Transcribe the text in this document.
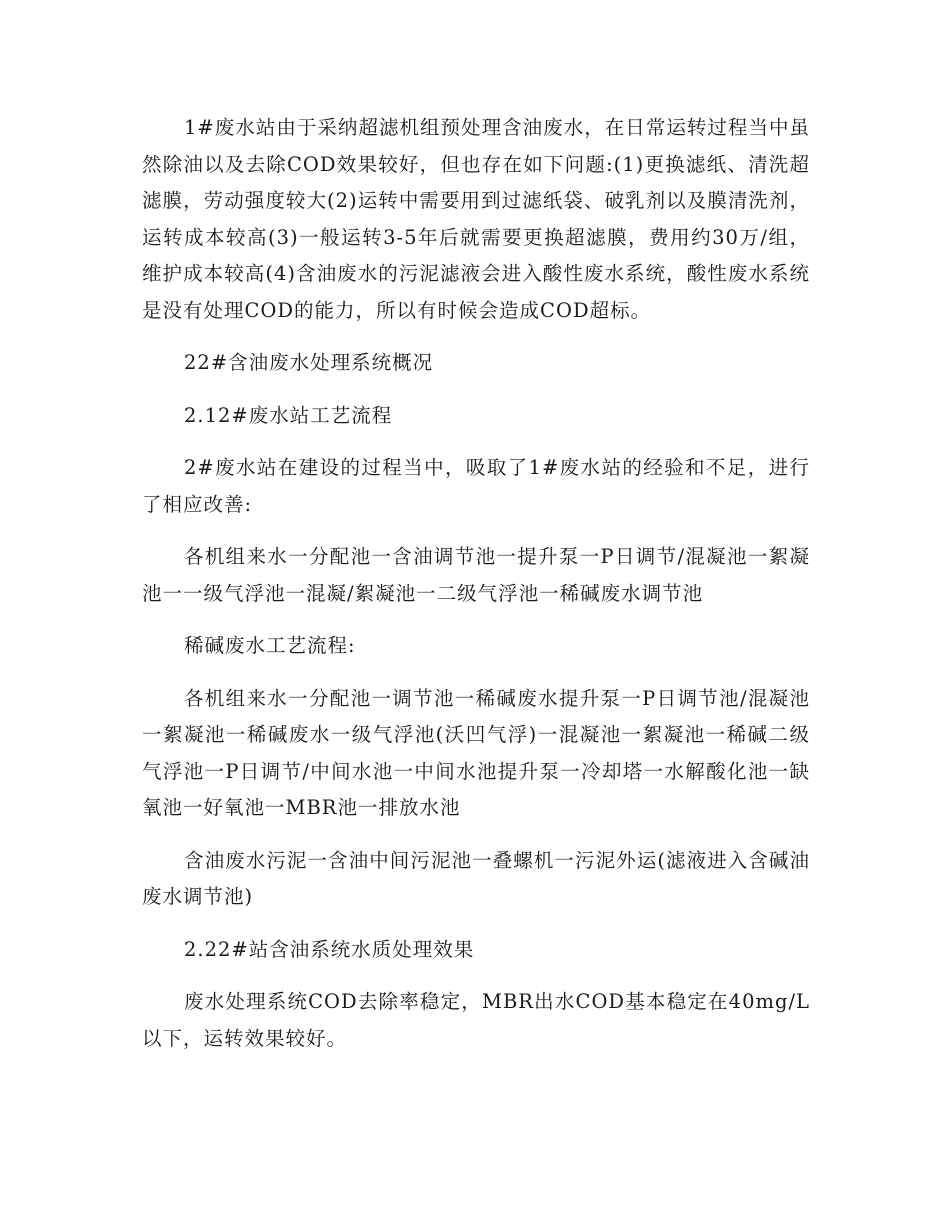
1#废水站由于采纳超滤机组预处理含油废水，在日常运转过程当中虽然除油以及去除COD效果较好，但也存在如下问题:(1)更换滤纸、清洗超滤膜，劳动强度较大(2)运转中需要用到过滤纸袋、破乳剂以及膜清洗剂，运转成本较高(3)一般运转3-5年后就需要更换超滤膜，费用约30万/组，维护成本较高(4)含油废水的污泥滤液会进入酸性废水系统，酸性废水系统是没有处理COD的能力，所以有时候会造成COD超标。

22#含油废水处理系统概况

2.12#废水站工艺流程

2#废水站在建设的过程当中，吸取了1#废水站的经验和不足，进行了相应改善:

各机组来水一分配池一含油调节池一提升泵一P日调节/混凝池一絮凝池一一级气浮池一混凝/絮凝池一二级气浮池一稀碱废水调节池

稀碱废水工艺流程:

各机组来水一分配池一调节池一稀碱废水提升泵一P日调节池/混凝池一絮凝池一稀碱废水一级气浮池(沃凹气浮)一混凝池一絮凝池一稀碱二级气浮池一P日调节/中间水池一中间水池提升泵一冷却塔一水解酸化池一缺氧池一好氧池一MBR池一排放水池

含油废水污泥一含油中间污泥池一叠螺机一污泥外运(滤液进入含碱油废水调节池)

2.22#站含油系统水质处理效果

废水处理系统COD去除率稳定，MBR出水COD基本稳定在40mg/L以下，运转效果较好。
